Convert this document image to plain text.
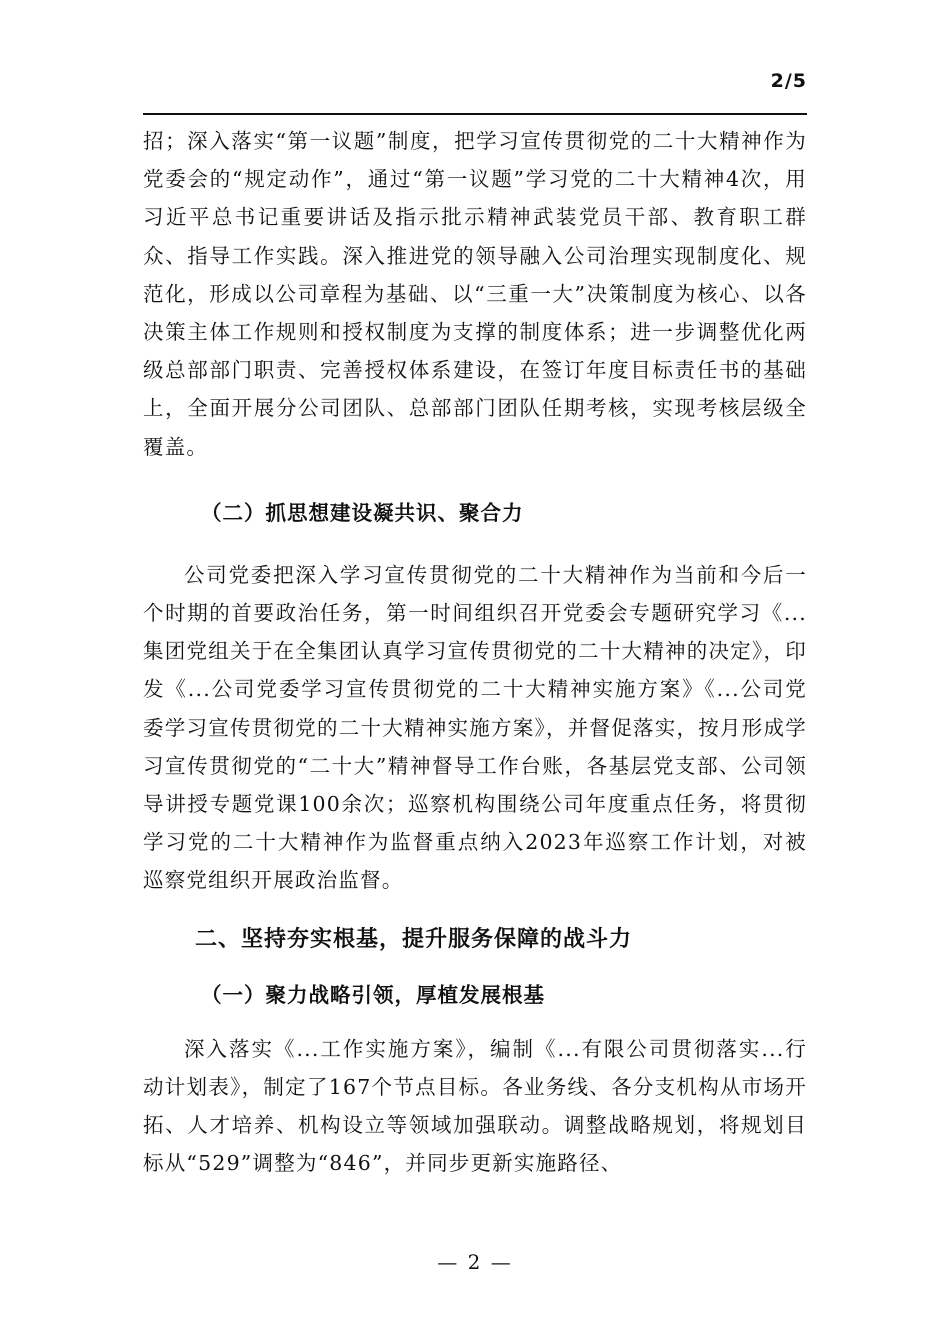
2/5

招；深入落实“第一议题”制度，把学习宣传贯彻党的二十大精神作为党委会的“规定动作”，通过“第一议题”学习党的二十大精神4次，用习近平总书记重要讲话及指示批示精神武装党员干部、教育职工群众、指导工作实践。深入推进党的领导融入公司治理实现制度化、规范化，形成以公司章程为基础、以“三重一大”决策制度为核心、以各决策主体工作规则和授权制度为支撑的制度体系；进一步调整优化两级总部部门职责、完善授权体系建设，在签订年度目标责任书的基础上，全面开展分公司团队、总部部门团队任期考核，实现考核层级全覆盖。

（二）抓思想建设凝共识、聚合力

公司党委把深入学习宣传贯彻党的二十大精神作为当前和今后一个时期的首要政治任务，第一时间组织召开党委会专题研究学习《...集团党组关于在全集团认真学习宣传贯彻党的二十大精神的决定》，印发《...公司党委学习宣传贯彻党的二十大精神实施方案》《...公司党委学习宣传贯彻党的二十大精神实施方案》，并督促落实，按月形成学习宣传贯彻党的“二十大”精神督导工作台账，各基层党支部、公司领导讲授专题党课100余次；巡察机构围绕公司年度重点任务，将贯彻学习党的二十大精神作为监督重点纳入2023年巡察工作计划，对被巡察党组织开展政治监督。

二、坚持夯实根基，提升服务保障的战斗力

（一）聚力战略引领，厚植发展根基

深入落实《...工作实施方案》，编制《...有限公司贯彻落实...行动计划表》，制定了167个节点目标。各业务线、各分支机构从市场开拓、人才培养、机构设立等领域加强联动。调整战略规划，将规划目标从“529”调整为“846”，并同步更新实施路径、

— 2 —
